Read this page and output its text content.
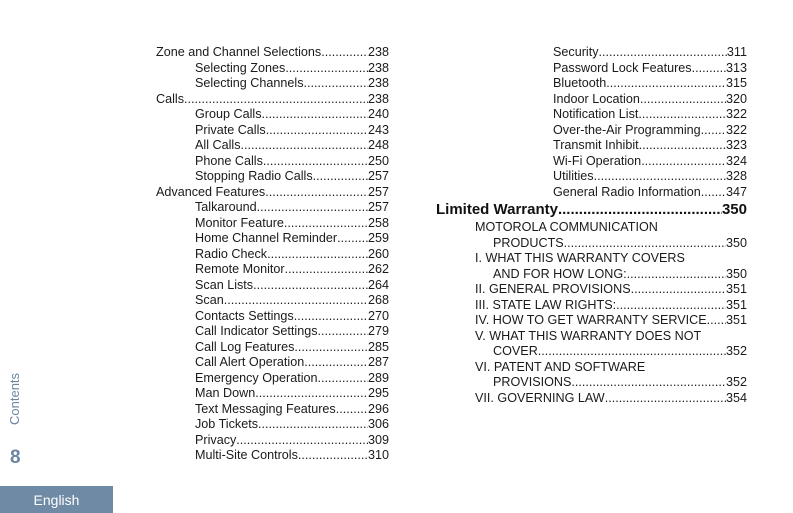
Zone and Channel Selections .....	238
Selecting Zones .....	238
Selecting Channels .....	238
Calls .....	238
Group Calls .....	240
Private Calls .....	243
All Calls .....	248
Phone Calls .....	250
Stopping Radio Calls .....	257
Advanced Features .....	257
Talkaround .....	257
Monitor Feature .....	258
Home Channel Reminder ..... 259
Radio Check .....	260
Remote Monitor .....	262
Scan Lists .....	264
Scan .....	268
Contacts Settings .....	270
Call Indicator Settings .....	279
Call Log Features .....	285
Call Alert Operation .....	287
Emergency Operation .....	289
Man Down .....	295
Text Messaging Features .....	296
Job Tickets .....	306
Privacy .....	309
Multi-Site Controls .....	310
Security .....	311
Password Lock Features .....	313
Bluetooth .....	315
Indoor Location .....	320
Notification List .....	322
Over-the-Air Programming ..... 322
Transmit Inhibit .....	323
Wi-Fi Operation .....	324
Utilities .....	328
General Radio Information ..... 347
Limited Warranty .....	350
MOTOROLA COMMUNICATION
PRODUCTS .....	350
I. WHAT THIS WARRANTY COVERS
AND FOR HOW LONG: .....	350
II. GENERAL PROVISIONS .....	351
III. STATE LAW RIGHTS: .....	351
IV. HOW TO GET WARRANTY SERVICE ..... 351
V. WHAT THIS WARRANTY DOES NOT
COVER .....	352
VI. PATENT AND SOFTWARE
PROVISIONS .....	352
VII. GOVERNING LAW .....	354
Contents
8
English
